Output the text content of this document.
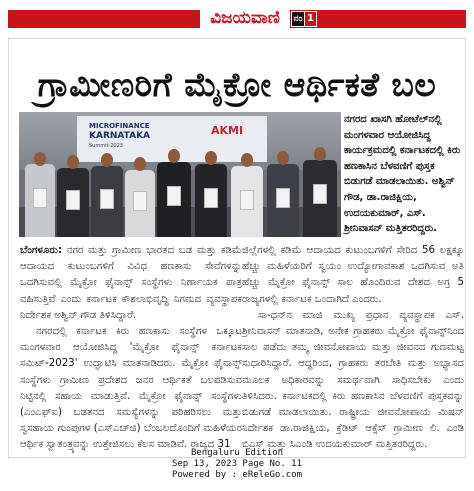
ವಿಜಯವಾಣಿ	ನಂ 1
ಗ್ರಾಮೀಣರಿಗೆ ಮೈಕ್ರೋ ಆರ್ಥಿಕತೆ ಬಲ
MICROFINANCE
KARNATAKA
Summit-2023
AKMI
ನಗರದ ಖಾಸಗಿ ಹೋಟೆಲ್‌ನಲ್ಲಿ ಮಂಗಳವಾರ ಆಯೋಜಿಸಿದ್ದ ಕಾರ್ಯಕ್ರಮದಲ್ಲಿ ಕರ್ನಾಟಕದಲ್ಲಿ ಕಿರು ಹಣಕಾಸಿನ ಬೆಳವಣಿಗೆ ಪುಸ್ತಕ ಬಿಡುಗಡೆ ಮಾಡಲಾಯಿತು. ಅಶ್ವಿನ್ ಗೌಡ, ಡಾ.ರಾಜಿಕ್ಷಿಯ, ಉದಯಕುಮಾರ್, ಎಸ್. ಶ್ರೀನಿವಾಸನ್ ಮತ್ತಿತರರಿದ್ದರು.

ಬೆಂಗಳೂರು: ನಗರ ಮತ್ತು ಗ್ರಾಮೀಣ ಭಾರತದ ಬಡ ಮತ್ತು ಕಡಿಮೆ ಆದಾಯದ ಕುಟುಂಬಗಳಿಗೆ ವಿವಿಧ ಹಣಕಾಸು ಸೇವೆಗಳನ್ನು ಒದಗಿಸುವಲ್ಲಿ ಮೈಕ್ರೋ ಫೈನಾನ್ಸ್ ಸಂಸ್ಥೆಗಳು ನಿರ್ಣಾಯಕ ಪಾತ್ರ ವಹಿಸುತ್ತಿವೆ ಎಂದು ಕರ್ನಾಟಕ ಕೌಶಲಾಭಿವೃದ್ಧಿ ನಿಗಮದ ವ್ಯವಸ್ಥಾಪಕ ನಿರ್ದೇಶಕ ಅಶ್ವಿನ್ ಗೌಡ ತಿಳಿಸಿದ್ದಾರೆ.

ನಗರದಲ್ಲಿ ಕರ್ನಾಟಕ ಕಿರು ಹಣಕಾಸು ಸಂಸ್ಥೆಗಳ ಒಕ್ಕೂಟ ಮಂಗಳವಾರ ಆಯೋಜಿಸಿದ್ದ 'ಮೈಕ್ರೋ ಫೈನಾನ್ಸ್ ಕರ್ನಾಟಕ ಸಮಿಟ್-2023' ಉದ್ಘಾಟಿಸಿ ಮಾತನಾಡಿದರು. ಮೈಕ್ರೋ ಫೈನಾನ್ಸ್ ಸಂಸ್ಥೆಗಳು ಗ್ರಾಮೀಣ ಪ್ರದೇಶದ ಜನರ ಆರ್ಥಿಕತೆ ಬಲಪಡಿಸುವ ನಿಟ್ಟಿನಲ್ಲಿ ಸಹಾಯ ಮಾಡುತ್ತಿವೆ. ಮೈಕ್ರೋ ಫೈನಾನ್ಸ್ ಸಂಸ್ಥೆಗಳು (ಎಂಎಫ್‌ಐ) ಬಡತನದ ಸಮಸ್ಯೆಗಳನ್ನು ಪರಿಹರಿಸಲು ಮತ್ತು ಸ್ವಸಹಾಯ ಗುಂಪುಗಳ (ಎಸ್‌ಎಚ್‌ಜಿ) ಬೆಂಬಲದೊಂದಿಗೆ ಮಹಿಳೆಯರ ಆರ್ಥಿಕ ಸ್ವಾತಂತ್ರ್ಯವನ್ನು ಉತ್ತೇಜಿಸಲು ಕೆಲಸ ಮಾಡಿವೆ. ರಾಜ್ಯದ 31

ಜಿಲ್ಲೆಗಳಲ್ಲಿ ಕಡಿಮೆ ಆದಾಯದ ಕುಟುಂಬಗಳಿಗೆ ಸೇರಿದ 56 ಲಕ್ಷಕ್ಕೂ ಹೆಚ್ಚು ಮಹಿಳೆಯರಿಗೆ ಸ್ವಯಂ ಉದ್ಯೋಗಾವಕಾಶ ಒದಗಿಸುವ ಅತಿ ಹೆಚ್ಚು ಮೈಕ್ರೋ ಫೈನಾನ್ಸ್ ಸಾಲ ಹೊಂದಿರುವ ದೇಶದ ಅಗ್ರ 5 ರಾಜ್ಯಗಳಲ್ಲಿ ಕರ್ನಾಟಕ ಒಂದಾಗಿದೆ ಎಂದರು.

ಸಾ-ಧನ್‌ನ ಮಾಜಿ ಮುಖ್ಯ ಪ್ರಧಾನ ವ್ಯವಸ್ಥಾಪಕ ಎಸ್. ಶ್ರೀನಿವಾಸನ್ ಮಾತನಾಡಿ, ಅನೇಕ ಗ್ರಾಹಕರು ಮೈಕ್ರೋ ಫೈನಾನ್ಸ್‌ನಿಂದ ಸಾಲ ಪಡೆದು ತಮ್ಮ ಜೀವನೋಪಾಯ ಮತ್ತು ಜೀವನದ ಗುಣಮಟ್ಟ ಸುಧಾರಿಸಿದ್ದಾರೆ. ಆದ್ದರಿಂದ, ಗ್ರಾಹಕರು ತರಬೇತಿ ಮತ್ತು ಅಭ್ಯಾಸದ ಮೂಲಕ ಅಧಿಕಾರವನ್ನು ಸಮರ್ಥವಾಗಿ ಸಾಧಿಸಬೇಕು ಎಂದು ತಿಳಿಸಿದರು. ಕರ್ನಾಟಕದಲ್ಲಿ ಕಿರು ಹಣಕಾಸಿನ ಬೆಳವಣಿಗೆ ಪುಸ್ತಕವನ್ನು ಬಿಡುಗಡೆ ಮಾಡಲಾಯಿತು. ರಾಷ್ಟ್ರೀಯ ಜೀವನೋಪಾಯ ಮಿಷನ್ ನಿರ್ದೇಶಕ ಡಾ.ರಾಜಿಕ್ಷಿಯ, ಕ್ರೆಡಿಟ್ ಆಕ್ಸೆಸ್ ಗ್ರಾಮೀಣ ಲಿ. ಎಂಡಿ ಬಿಎಸ್‌ ಮತ್ತು ಸಿಎಂಡಿ ಉದಯಕುಮಾರ್ ಮತ್ತಿತರರಿದ್ದರು.

Bengaluru Edition
Sep 13, 2023 Page No. 11
Powered by : eReleGo.com
